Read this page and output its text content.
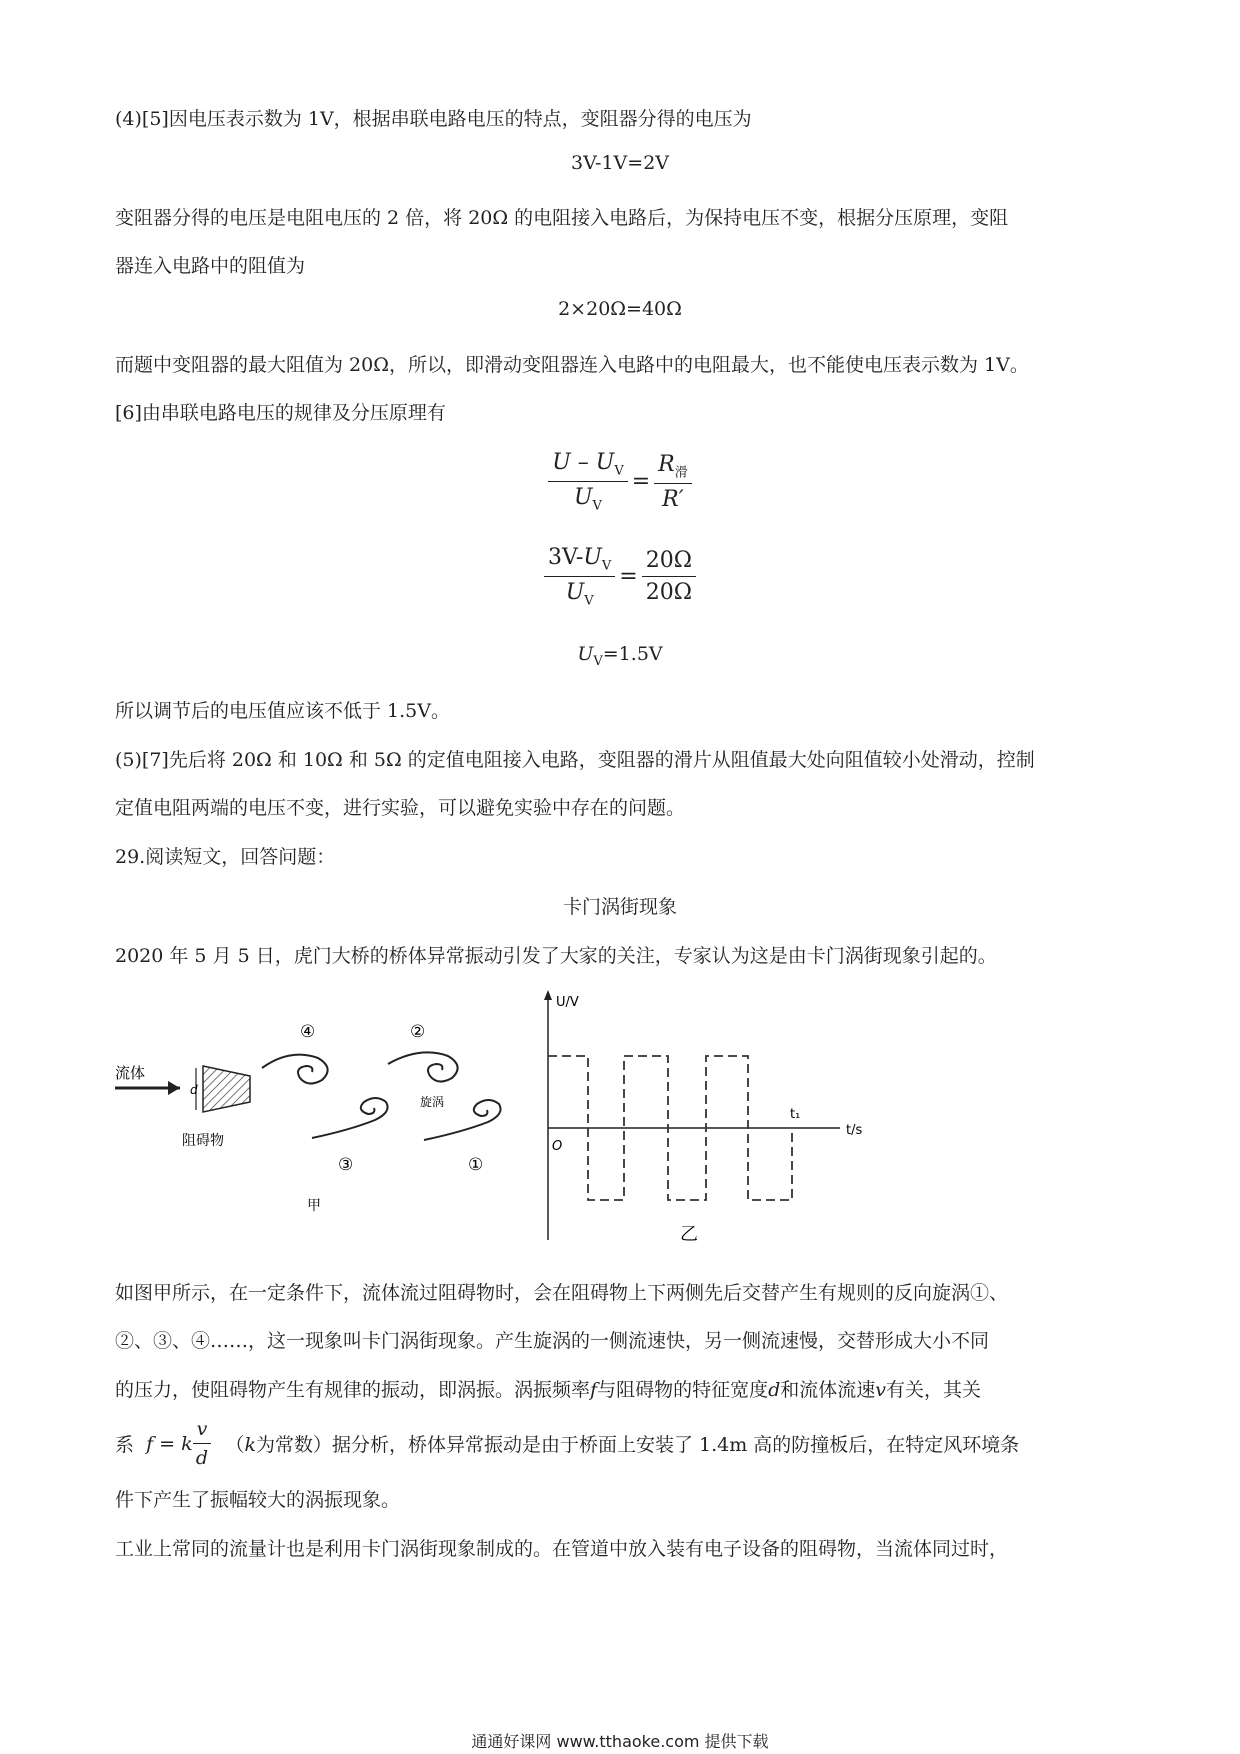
(4)[5]因电压表示数为 1V，根据串联电路电压的特点，变阻器分得的电压为
3V-1V=2V
变阻器分得的电压是电阻电压的 2 倍，将 20Ω 的电阻接入电路后，为保持电压不变，根据分压原理，变阻
器连入电路中的阻值为
2×20Ω=40Ω
而题中变阻器的最大阻值为 20Ω，所以，即滑动变阻器连入电路中的电阻最大，也不能使电压表示数为 1V。
[6]由串联电路电压的规律及分压原理有
$\frac{U - U_V}{U_V} = \frac{R_滑}{R'}$
$\frac{3V-U_V}{U_V} = \frac{20\Omega}{20\Omega}$
$U_V=1.5V$
所以调节后的电压值应该不低于 1.5V。
(5)[7]先后将 20Ω 和 10Ω 和 5Ω 的定值电阻接入电路，变阻器的滑片从阻值最大处向阻值较小处滑动，控制
定值电阻两端的电压不变，进行实验，可以避免实验中存在的问题。
29.阅读短文，回答问题：
卡门涡街现象
2020 年 5 月 5 日，虎门大桥的桥体异常振动引发了大家的关注，专家认为这是由卡门涡街现象引起的。
流体
d
阻碍物
④	②
旋涡
③	①
甲
U/V
O
t/s
t₁
乙
如图甲所示，在一定条件下，流体流过阻碍物时，会在阻碍物上下两侧先后交替产生有规则的反向旋涡①、
②、③、④……，这一现象叫卡门涡街现象。产生旋涡的一侧流速快，另一侧流速慢，交替形成大小不同
的压力，使阻碍物产生有规律的振动，即涡振。涡振频率f与阻碍物的特征宽度d和流体流速v有关，其关
系 f = k $\frac{v}{d} (k$为常数）据分析，桥体异常振动是由于桥面上安装了 1.4m 高的防撞板后，在特定风环境条
件下产生了振幅较大的涡振现象。
工业上常同的流量计也是利用卡门涡街现象制成的。在管道中放入装有电子设备的阻碍物，当流体同过时，
通通好课网 www.tthaoke.com 提供下载
